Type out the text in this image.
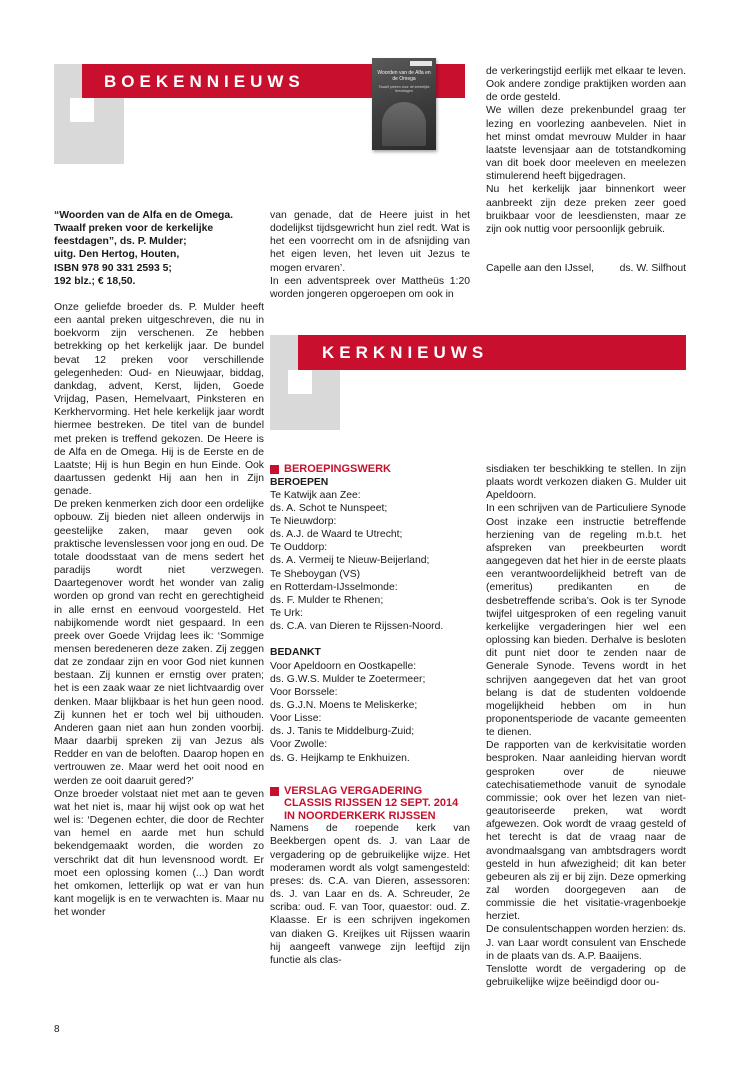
BOEKENNIEUWS	Woorden van de Alfa en de Omega
Twaalf preken voor de kerkelijke feestdagen
“Woorden van de Alfa en de Omega.
Twaalf preken voor de kerkelijke
feestdagen”, ds. P. Mulder;
uitg. Den Hertog, Houten,
ISBN 978 90 331 2593 5;
192 blz.; € 18,50.

Onze geliefde broeder ds. P. Mulder heeft een aantal preken uitgeschreven, die nu in boekvorm zijn verschenen. Ze hebben betrekking op het kerkelijk jaar. De bundel bevat 12 preken voor verschillende gelegenheden: Oud- en Nieuwjaar, biddag, dankdag, advent, Kerst, lijden, Goede Vrijdag, Pasen, Hemelvaart, Pinksteren en Kerkhervorming. Het hele kerkelijk jaar wordt hiermee bestreken. De titel van de bundel met preken is treffend gekozen. De Heere is de Alfa en de Omega. Hij is de Eerste en de Laatste; Hij is hun Begin en hun Einde. Ook daartussen gedenkt Hij aan hen in Zijn genade.

De preken kenmerken zich door een ordelijke opbouw. Zij bieden niet alleen onderwijs in geestelijke zaken, maar geven ook praktische levenslessen voor jong en oud. De totale doodsstaat van de mens sedert het paradijs wordt niet verzwegen. Daartegenover wordt het wonder van zalig worden op grond van recht en gerechtigheid in alle ernst en eenvoud voorgesteld. Het nabijkomende wordt niet gespaard. In een preek over Goede Vrijdag lees ik: ‘Sommige mensen beredeneren deze zaken. Zij zeggen dat ze zondaar zijn en voor God niet kunnen bestaan. Zij kunnen er ernstig over praten; het is een zaak waar ze niet lichtvaardig over denken. Maar blijkbaar is het hun geen nood. Zij kunnen het er toch wel bij uithouden. Anderen gaan niet aan hun zonden voorbij. Maar daarbij spreken zij van Jezus als Redder en van de beloften. Daarop hopen en vertrouwen ze. Maar werd het ooit nood en werden ze ooit daaruit gered?’

Onze broeder volstaat niet met aan te geven wat het niet is, maar hij wijst ook op wat het wel is: ‘Degenen echter, die door de Rechter van hemel en aarde met hun schuld bekendgemaakt worden, die worden zo verschrikt dat dit hun levensnood wordt. Er moet een oplossing komen (...) Dan wordt het omkomen, letterlijk op wat er van hun kant mogelijk is en te verwachten is. Maar nu het wonder

van genade, dat de Heere juist in het dodelijkst tijdsgewricht hun ziel redt. Wat is het een voorrecht om in de afsnijding van het eigen leven, het leven uit Jezus te mogen ervaren’.

In een adventspreek over Mattheüs 1:20 worden jongeren opgeroepen om ook in

de verkeringstijd eerlijk met elkaar te leven. Ook andere zondige praktijken worden aan de orde gesteld.

We willen deze prekenbundel graag ter lezing en voorlezing aanbevelen. Niet in het minst omdat mevrouw Mulder in haar laatste levensjaar aan de totstandkoming van dit boek door meeleven en meelezen stimulerend heeft bijgedragen.

Nu het kerkelijk jaar binnenkort weer aanbreekt zijn deze preken zeer goed bruikbaar voor de leesdiensten, maar ze zijn ook nuttig voor persoonlijk gebruik.

Capelle aan den IJssel, ds. W. Silfhout
KERKNIEUWS
BEROEPINGSWERK
BEROEPEN
Te Katwijk aan Zee:
ds. A. Schot te Nunspeet;
Te Nieuwdorp:
ds. A.J. de Waard te Utrecht;
Te Ouddorp:
ds. A. Vermeij te Nieuw-Beijerland;
Te Sheboygan (VS)
en Rotterdam-IJsselmonde:
ds. F. Mulder te Rhenen;
Te Urk:
ds. C.A. van Dieren te Rijssen-Noord.
BEDANKT
Voor Apeldoorn en Oostkapelle:
ds. G.W.S. Mulder te Zoetermeer;
Voor Borssele:
ds. G.J.N. Moens te Meliskerke;
Voor Lisse:
ds. J. Tanis te Middelburg-Zuid;
Voor Zwolle:
ds. G. Heijkamp te Enkhuizen.
VERSLAG VERGADERING
CLASSIS RIJSSEN 12 SEPT. 2014
IN NOORDERKERK RIJSSEN

Namens de roepende kerk van Beekbergen opent ds. J. van Laar de vergadering op de gebruikelijke wijze. Het moderamen wordt als volgt samengesteld: preses: ds. C.A. van Dieren, assessoren: ds. J. van Laar en ds. A. Schreuder, 2e scriba: oud. F. van Toor, quaestor: oud. Z. Klaasse. Er is een schrijven ingekomen van diaken G. Kreijkes uit Rijssen waarin hij aangeeft vanwege zijn leeftijd zijn functie als clas-

sisdiaken ter beschikking te stellen. In zijn plaats wordt verkozen diaken G. Mulder uit Apeldoorn.

In een schrijven van de Particuliere Synode Oost inzake een instructie betreffende herziening van de regeling m.b.t. het afspreken van preekbeurten wordt aangegeven dat het hier in de eerste plaats een verantwoordelijkheid betreft van de (emeritus) predikanten en de desbetreffende scriba’s. Ook is ter Synode twijfel uitgesproken of een regeling vanuit kerkelijke vergaderingen hier wel een oplossing kan bieden. Derhalve is besloten dit punt niet door te zenden naar de Generale Synode. Tevens wordt in het schrijven aangegeven dat het van groot belang is dat de studenten voldoende mogelijkheid hebben om in hun proponentsperiode de vacante gemeenten te dienen.

De rapporten van de kerkvisitatie worden besproken. Naar aanleiding hiervan wordt gesproken over de nieuwe catechisatiemethode vanuit de synodale commissie; ook over het lezen van niet-geautoriseerde preken, wat wordt afgewezen. Ook wordt de vraag gesteld of het terecht is dat de vraag naar de avondmaalsgang van ambtsdragers wordt gesteld in hun afwezigheid; dit kan beter gebeuren als zij er bij zijn. Deze opmerking zal worden doorgegeven aan de commissie die het visitatie-vragenboekje herziet.

De consulentschappen worden herzien: ds. J. van Laar wordt consulent van Enschede in de plaats van ds. A.P. Baaijens.

Tenslotte wordt de vergadering op de gebruikelijke wijze beëindigd door ou-

8
